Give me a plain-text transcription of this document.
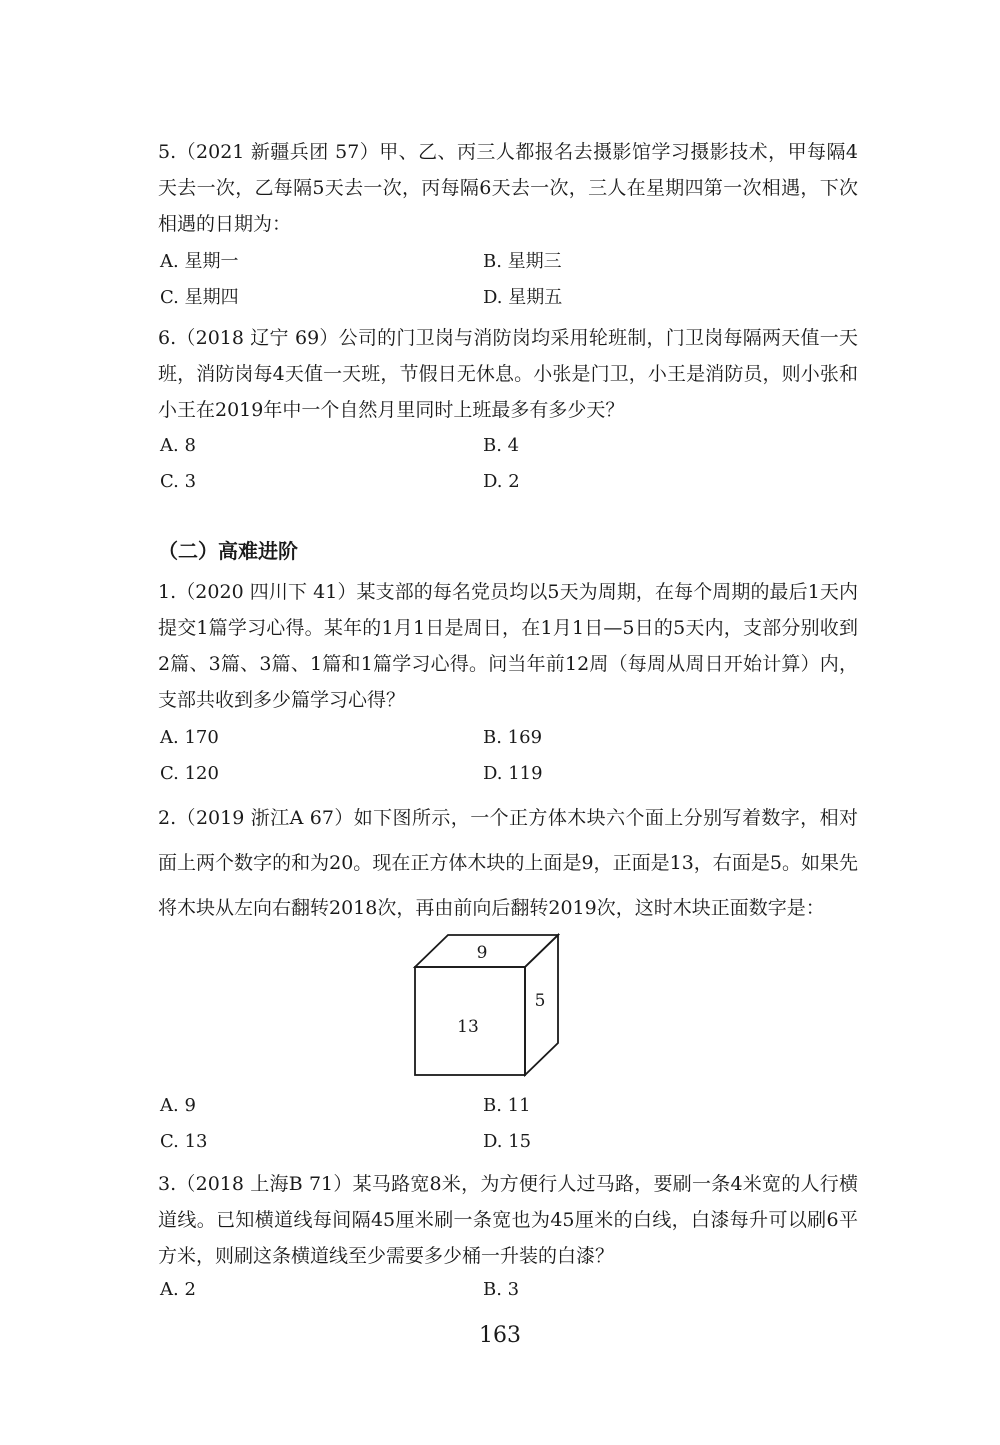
5.（2021 新疆兵团 57）甲、乙、丙三人都报名去摄影馆学习摄影技术，甲每隔4天去一次，乙每隔5天去一次，丙每隔6天去一次，三人在星期四第一次相遇，下次相遇的日期为：

A. 星期一	B. 星期三
C. 星期四	D. 星期五

6.（2018 辽宁 69）公司的门卫岗与消防岗均采用轮班制，门卫岗每隔两天值一天班，消防岗每4天值一天班，节假日无休息。小张是门卫，小王是消防员，则小张和小王在2019年中一个自然月里同时上班最多有多少天？

A. 8	B. 4
C. 3	D. 2
（二）高难进阶

1.（2020 四川下 41）某支部的每名党员均以5天为周期，在每个周期的最后1天内提交1篇学习心得。某年的1月1日是周日，在1月1日—5日的5天内，支部分别收到2篇、3篇、3篇、1篇和1篇学习心得。问当年前12周（每周从周日开始计算）内，支部共收到多少篇学习心得？

A. 170	B. 169
C. 120	D. 119

2.（2019 浙江A 67）如下图所示，一个正方体木块六个面上分别写着数字，相对面上两个数字的和为20。现在正方体木块的上面是9，正面是13，右面是5。如果先将木块从左向右翻转2018次，再由前向后翻转2019次，这时木块正面数字是：

9
13
5
A. 9	B. 11
C. 13	D. 15

3.（2018 上海B 71）某马路宽8米，为方便行人过马路，要刷一条4米宽的人行横道线。已知横道线每间隔45厘米刷一条宽也为45厘米的白线，白漆每升可以刷6平方米，则刷这条横道线至少需要多少桶一升装的白漆？

A. 2	B. 3
163
